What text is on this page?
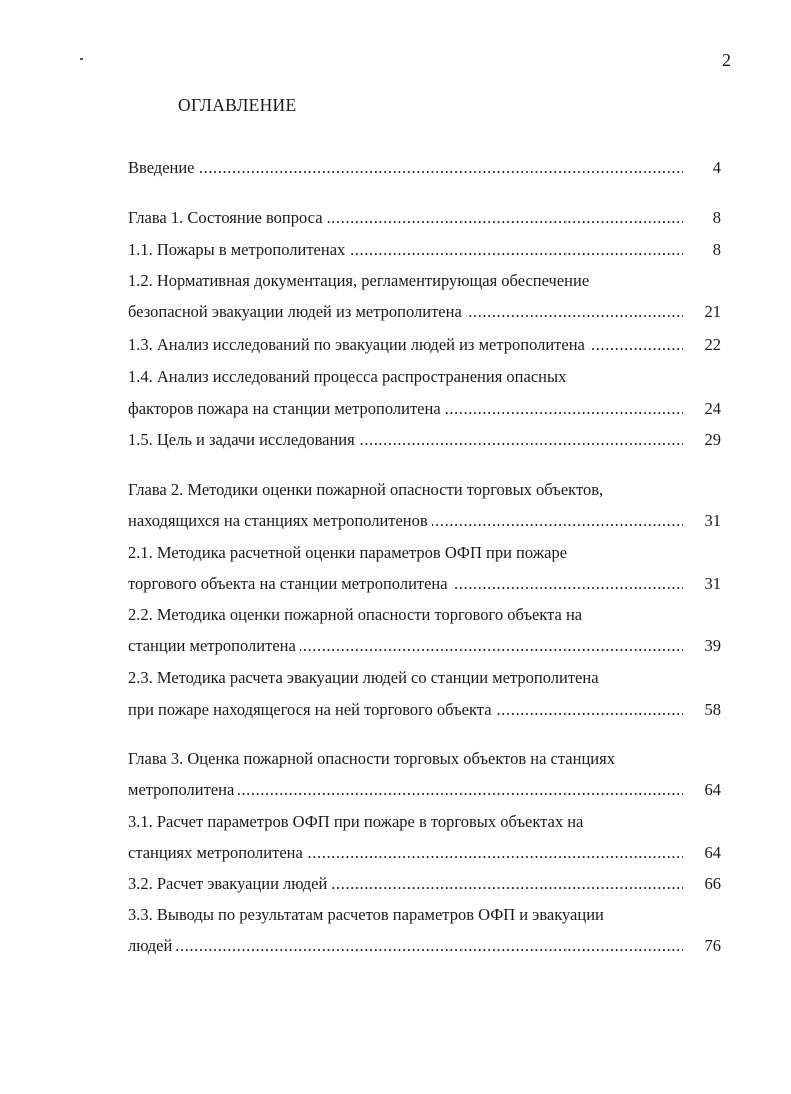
2
ОГЛАВЛЕНИЕ
Введение .....	4
Глава 1. Состояние вопроса .....	8
1.1. Пожары в метрополитенах .....	8
1.2. Нормативная документация, регламентирующая обеспечение
безопасной эвакуации людей из метрополитена .....	21
1.3. Анализ исследований по эвакуации людей из метрополитена .....	22
1.4. Анализ исследований процесса распространения опасных
факторов пожара на станции метрополитена .....	24
1.5. Цель и задачи исследования .....	29
Глава 2. Методики оценки пожарной опасности торговых объектов,
находящихся на станциях метрополитенов .....	31
2.1. Методика расчетной оценки параметров ОФП при пожаре
торгового объекта на станции метрополитена .....	31
2.2. Методика оценки пожарной опасности торгового объекта на
станции метрополитена .....	39
2.3. Методика расчета эвакуации людей со станции метрополитена
при пожаре находящегося на ней торгового объекта .....	58
Глава 3. Оценка пожарной опасности торговых объектов на станциях
метрополитена .....	64
3.1. Расчет параметров ОФП при пожаре в торговых объектах на
станциях метрополитена .....	64
3.2. Расчет эвакуации людей .....	66
3.3. Выводы по результатам расчетов параметров ОФП и эвакуации
людей .....	76
